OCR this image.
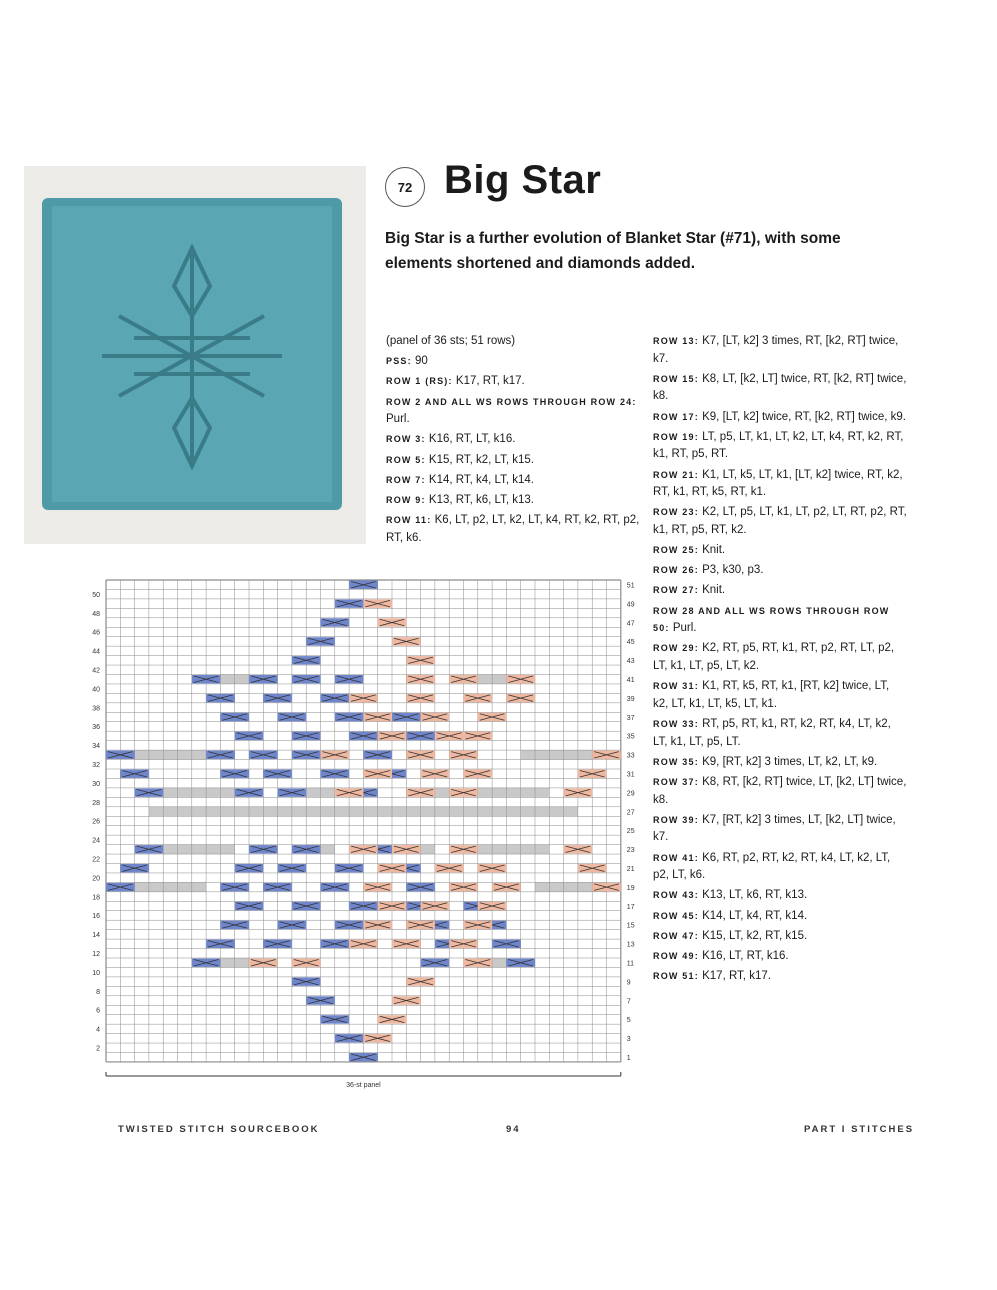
72 Big Star
Big Star is a further evolution of Blanket Star (#71), with some elements shortened and diamonds added.
(panel of 36 sts; 51 rows)
PSS: 90
ROW 1 (RS): K17, RT, k17.
ROW 2 AND ALL WS ROWS THROUGH ROW 24: Purl.
ROW 3: K16, RT, LT, k16.
ROW 5: K15, RT, k2, LT, k15.
ROW 7: K14, RT, k4, LT, k14.
ROW 9: K13, RT, k6, LT, k13.
ROW 11: K6, LT, p2, LT, k2, LT, k4, RT, k2, RT, p2, RT, k6.
ROW 13: K7, [LT, k2] 3 times, RT, [k2, RT] twice, k7.
ROW 15: K8, LT, [k2, LT] twice, RT, [k2, RT] twice, k8.
ROW 17: K9, [LT, k2] twice, RT, [k2, RT] twice, k9.
ROW 19: LT, p5, LT, k1, LT, k2, LT, k4, RT, k2, RT, k1, RT, p5, RT.
ROW 21: K1, LT, k5, LT, k1, [LT, k2] twice, RT, k2, RT, k1, RT, k5, RT, k1.
ROW 23: K2, LT, p5, LT, k1, LT, p2, LT, RT, p2, RT, k1, RT, p5, RT, k2.
ROW 25: Knit.
ROW 26: P3, k30, p3.
ROW 27: Knit.
ROW 28 AND ALL WS ROWS THROUGH ROW 50: Purl.
ROW 29: K2, RT, p5, RT, k1, RT, p2, RT, LT, p2, LT, k1, LT, p5, LT, k2.
ROW 31: K1, RT, k5, RT, k1, [RT, k2] twice, LT, k2, LT, k1, LT, k5, LT, k1.
ROW 33: RT, p5, RT, k1, RT, k2, RT, k4, LT, k2, LT, k1, LT, p5, LT.
ROW 35: K9, [RT, k2] 3 times, LT, k2, LT, k9.
ROW 37: K8, RT, [k2, RT] twice, LT, [k2, LT] twice, k8.
ROW 39: K7, [RT, k2] 3 times, LT, [k2, LT] twice, k7.
ROW 41: K6, RT, p2, RT, k2, RT, k4, LT, k2, LT, p2, LT, k6.
ROW 43: K13, LT, k6, RT, k13.
ROW 45: K14, LT, k4, RT, k14.
ROW 47: K15, LT, k2, RT, k15.
ROW 49: K16, LT, RT, k16.
ROW 51: K17, RT, k17.
2
4
6
8
10
12
14
16
18
20
22
24
26
28
30
32
34
36
38
40
42
44
46
48
50
1
3
5
7
9
11
13
15
17
19
21
23
25
27
29
31
33
35
37
39
41
43
45
47
49
51
36-st panel
TWISTED STITCH SOURCEBOOK	94	PART I STITCHES
